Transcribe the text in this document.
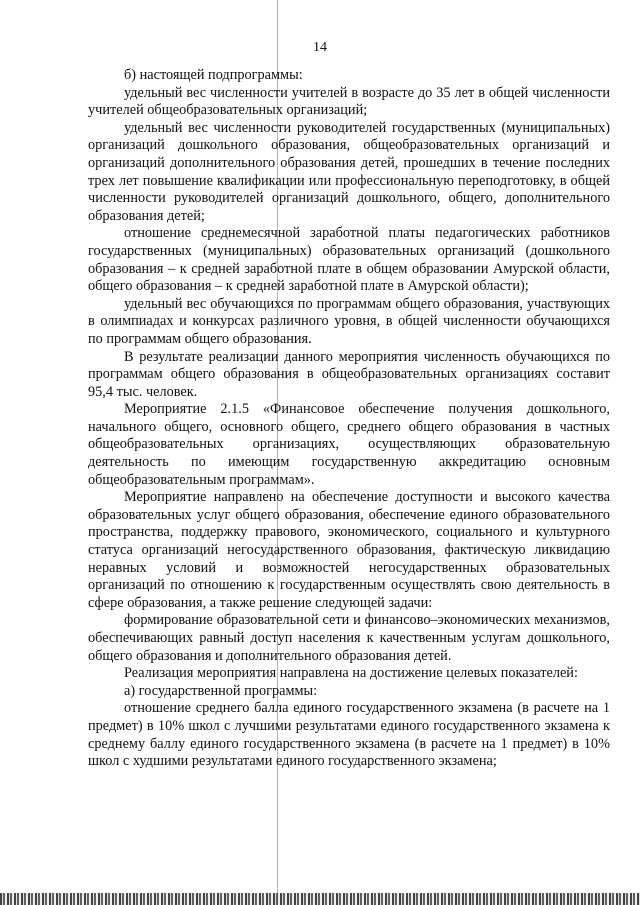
14

б) настоящей подпрограммы:

удельный вес численности учителей в возрасте до 35 лет в общей численности учителей общеобразовательных организаций;

удельный вес численности руководителей государственных (муниципальных) организаций дошкольного образования, общеобразовательных организаций и организаций дополнительного образования детей, прошедших в течение последних трех лет повышение квалификации или профессиональную переподготовку, в общей численности руководителей организаций дошкольного, общего, дополнительного образования детей;

отношение среднемесячной заработной платы педагогических работников государственных (муниципальных) образовательных организаций (дошкольного образования – к средней заработной плате в общем образовании Амурской области, общего образования – к средней заработной плате в Амурской области);

удельный вес обучающихся по программам общего образования, участвующих в олимпиадах и конкурсах различного уровня, в общей численности обучающихся по программам общего образования.

В результате реализации данного мероприятия численность обучающихся по программам общего образования в общеобразовательных организациях составит 95,4 тыс. человек.

Мероприятие 2.1.5 «Финансовое обеспечение получения дошкольного, начального общего, основного общего, среднего общего образования в частных общеобразовательных организациях, осуществляющих образовательную деятельность по имеющим государственную аккредитацию основным общеобразовательным программам».

Мероприятие направлено на обеспечение доступности и высокого качества образовательных услуг общего образования, обеспечение единого образовательного пространства, поддержку правового, экономического, социального и культурного статуса организаций негосударственного образования, фактическую ликвидацию неравных условий и возможностей негосударственных образовательных организаций по отношению к государственным осуществлять свою деятельность в сфере образования, а также решение следующей задачи:

формирование образовательной сети и финансово–экономических механизмов, обеспечивающих равный доступ населения к качественным услугам дошкольного, общего образования и дополнительного образования детей.

Реализация мероприятия направлена на достижение целевых показателей:

а) государственной программы:

отношение среднего балла единого государственного экзамена (в расчете на 1 предмет) в 10% школ с лучшими результатами единого государственного экзамена к среднему баллу единого государственного экзамена (в расчете на 1 предмет) в 10% школ с худшими результатами единого государственного экзамена;
